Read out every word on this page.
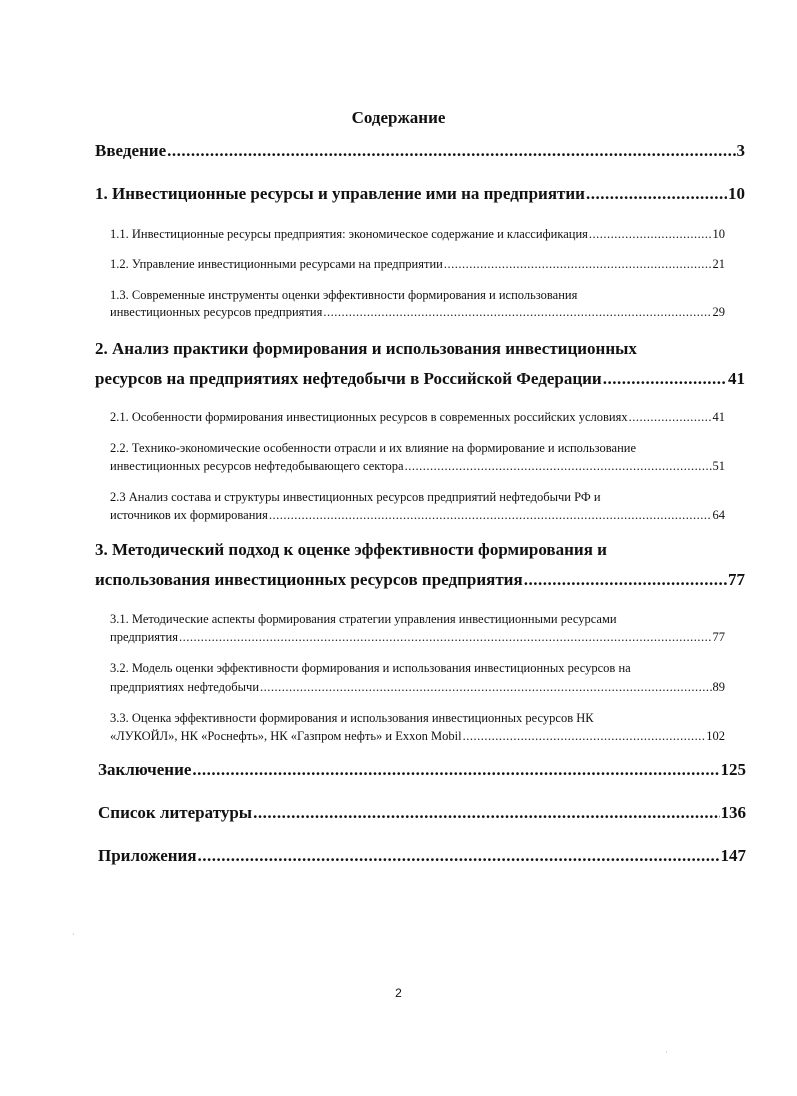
Содержание
Введение .....	3
1. Инвестиционные ресурсы и управление ими на предприятии .....	10
1.1. Инвестиционные ресурсы предприятия: экономическое содержание и классификация .....	10
1.2. Управление инвестиционными ресурсами на предприятии .....	21
1.3. Современные инструменты оценки эффективности формирования и использования
инвестиционных ресурсов предприятия .....	29
2. Анализ практики формирования и использования инвестиционных
ресурсов на предприятиях нефтедобычи в Российской Федерации .....	41
2.1. Особенности формирования инвестиционных ресурсов в современных российских условиях .....	41
2.2. Технико-экономические особенности отрасли и их влияние на формирование и использование
инвестиционных ресурсов нефтедобывающего сектора .....	51
2.3 Анализ состава и структуры инвестиционных ресурсов предприятий нефтедобычи РФ и
источников их формирования .....	64
3. Методический подход к оценке эффективности формирования и
использования инвестиционных ресурсов предприятия .....	77
3.1. Методические аспекты формирования стратегии управления инвестиционными ресурсами
предприятия .....	77
3.2. Модель оценки эффективности формирования и использования инвестиционных ресурсов на
предприятиях нефтедобычи .....	89
3.3. Оценка эффективности формирования и использования инвестиционных ресурсов НК
«ЛУКОЙЛ», НК «Роснефть», НК «Газпром нефть» и Exxon Mobil .....	102
Заключение .....	125
Список литературы .....	136
Приложения .....	147
2
·
·
